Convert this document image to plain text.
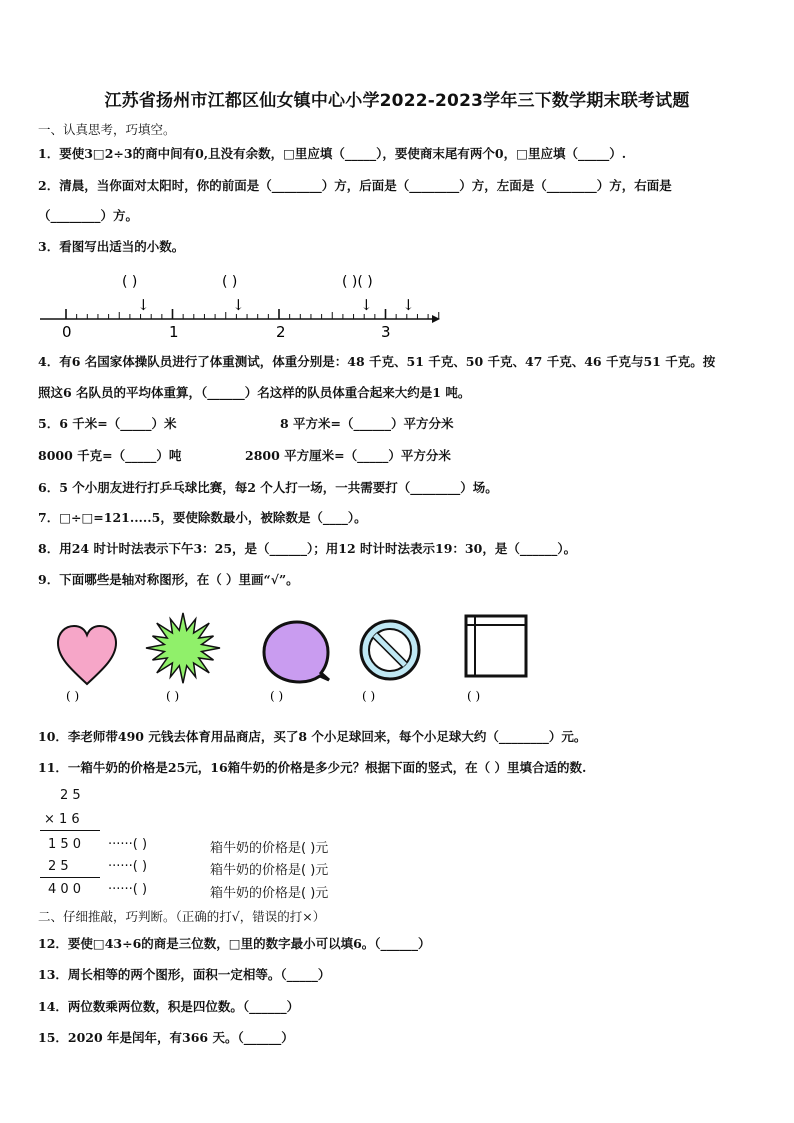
江苏省扬州市江都区仙女镇中心小学2022-2023学年三下数学期末联考试题
一、认真思考，巧填空。
1．要使3□2÷3的商中间有0,且没有余数，□里应填（_____），要使商末尾有两个0，□里应填（_____）.
2．清晨，当你面对太阳时，你的前面是（________）方，后面是（________）方，左面是（________）方，右面是
（________）方。
3．看图写出适当的小数。
( )	( )	( )( )
↓	↓	↓ ↓
0	1	2	3
4．有6 名国家体操队员进行了体重测试，体重分别是：48 千克、51 千克、50 千克、47 千克、46 千克与51 千克。按
照这6 名队员的平均体重算，（______）名这样的队员体重合起来大约是1 吨。
5．6 千米=（_____）米	8 平方米=（______）平方分米
8000 千克=（_____）吨	2800 平方厘米=（_____）平方分米
6．5 个小朋友进行打乒乓球比赛，每2 个人打一场，一共需要打（________）场。
7．□÷□=121.....5，要使除数最小，被除数是（____）。
8．用24 时计时法表示下午3：25，是（______）；用12 时计时法表示19：30，是（______）。
9．下面哪些是轴对称图形，在（ ）里画“√”。
( )	( )	( )	( )	( )
10．李老师带490 元钱去体育用品商店，买了8 个小足球回来，每个小足球大约（________）元。
11．一箱牛奶的价格是25元，16箱牛奶的价格是多少元？根据下面的竖式，在（ ）里填合适的数.
2 5
× 1 6
1 5 0 ······( )	箱牛奶的价格是( )元
2 5	······( )	箱牛奶的价格是( )元
4 0 0 ······( )	箱牛奶的价格是( )元
二、仔细推敲，巧判断。（正确的打√，错误的打×）
12．要使□43÷6的商是三位数，□里的数字最小可以填6。（______）
13．周长相等的两个图形，面积一定相等。（_____）
14．两位数乘两位数，积是四位数。（______）
15．2020 年是闰年，有366 天。（______）
